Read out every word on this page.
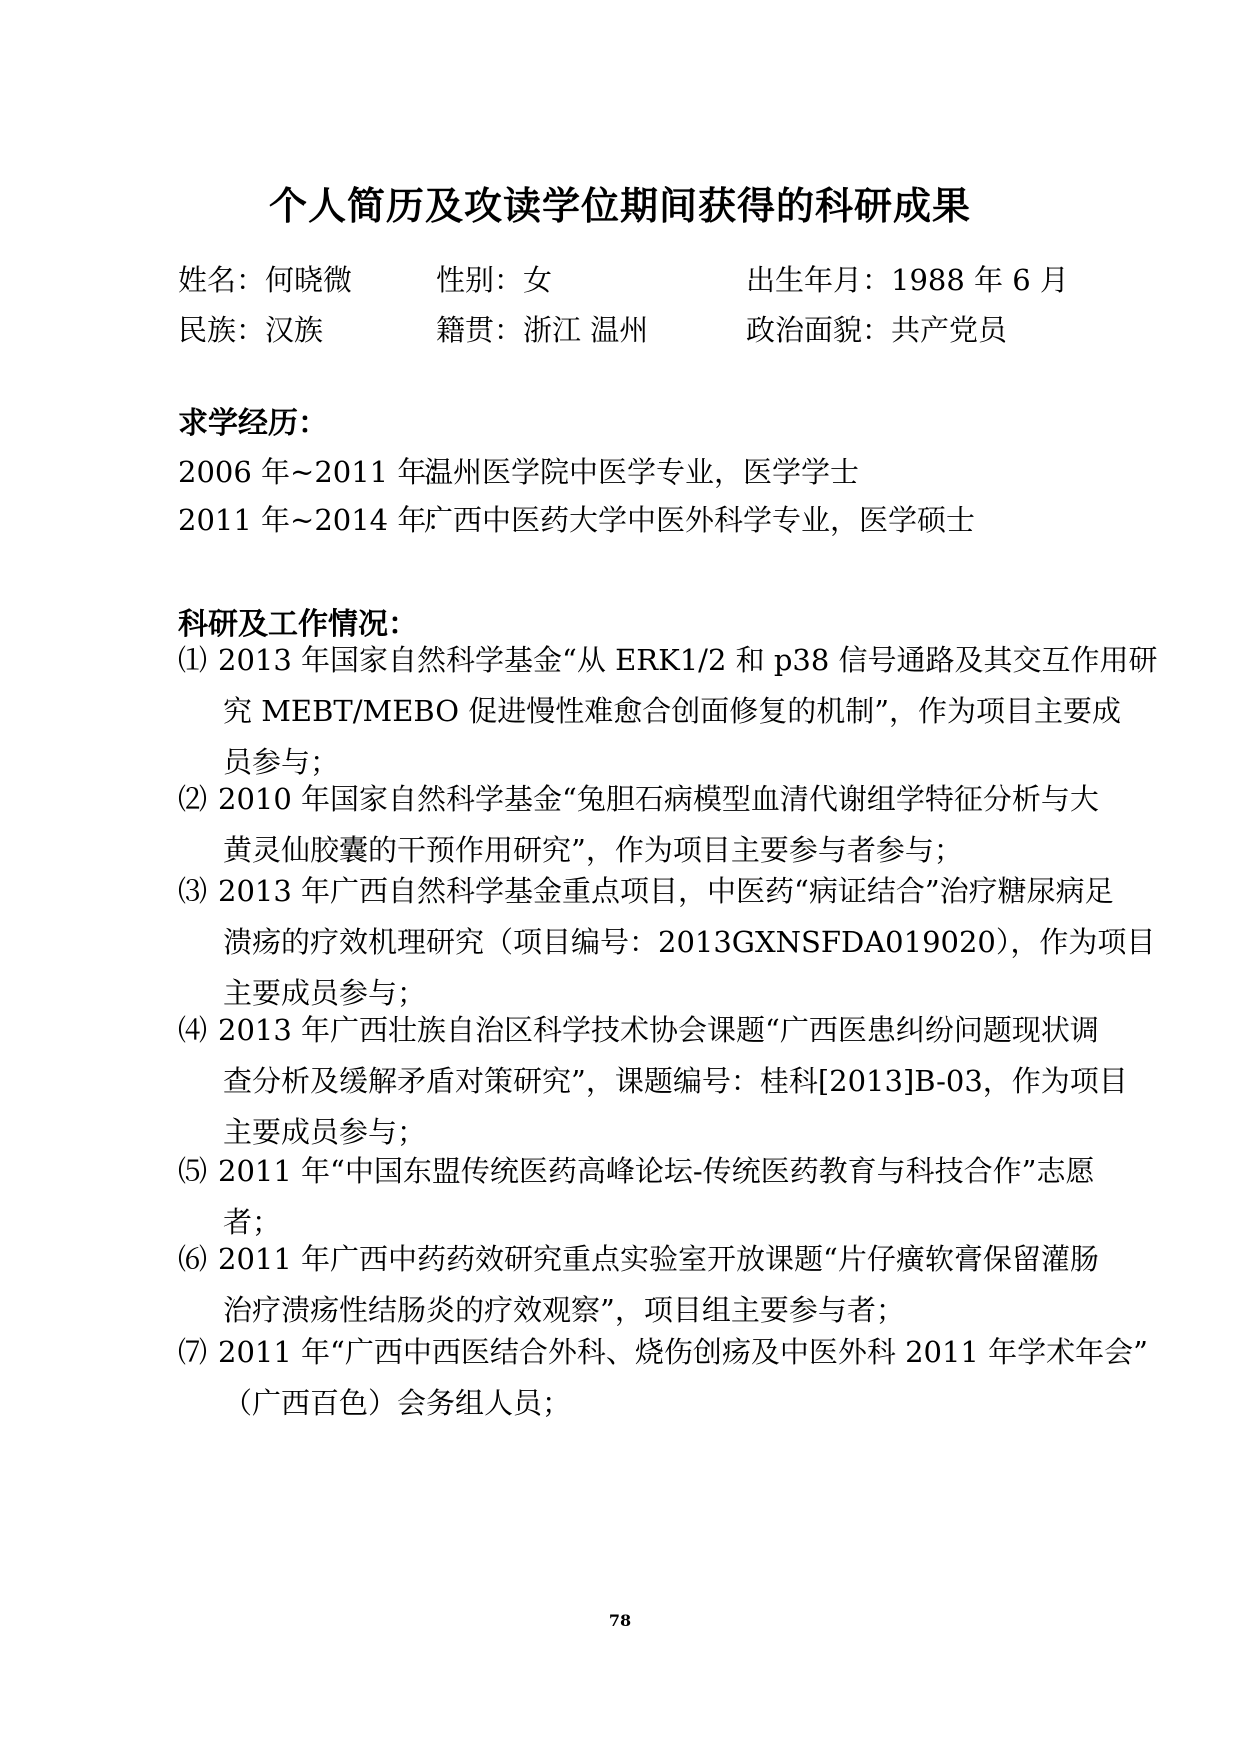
个人简历及攻读学位期间获得的科研成果
姓名：何晓微	性别：女	出生年月：1988 年 6 月
民族：汉族	籍贯：浙江 温州	政治面貌：共产党员
求学经历：
2006 年~2011 年：
温州医学院中医学专业，医学学士
2011 年~2014 年：
广西中医药大学中医外科学专业，医学硕士
科研及工作情况：
⑴ 2013 年国家自然科学基金“从 ERK1/2 和 p38 信号通路及其交互作用研
究 MEBT/MEBO 促进慢性难愈合创面修复的机制”，作为项目主要成
员参与；
⑵ 2010 年国家自然科学基金“兔胆石病模型血清代谢组学特征分析与大
黄灵仙胶囊的干预作用研究”，作为项目主要参与者参与；
⑶ 2013 年广西自然科学基金重点项目，中医药“病证结合”治疗糖尿病足
溃疡的疗效机理研究（项目编号：2013GXNSFDA019020），作为项目
主要成员参与；
⑷ 2013 年广西壮族自治区科学技术协会课题“广西医患纠纷问题现状调
查分析及缓解矛盾对策研究”，课题编号：桂科[2013]B-03，作为项目
主要成员参与；
⑸ 2011 年“中国东盟传统医药高峰论坛-传统医药教育与科技合作”志愿
者；
⑹ 2011 年广西中药药效研究重点实验室开放课题“片仔癀软膏保留灌肠
治疗溃疡性结肠炎的疗效观察”，项目组主要参与者；
⑺ 2011 年“广西中西医结合外科、烧伤创疡及中医外科 2011 年学术年会”
（广西百色）会务组人员；
78
